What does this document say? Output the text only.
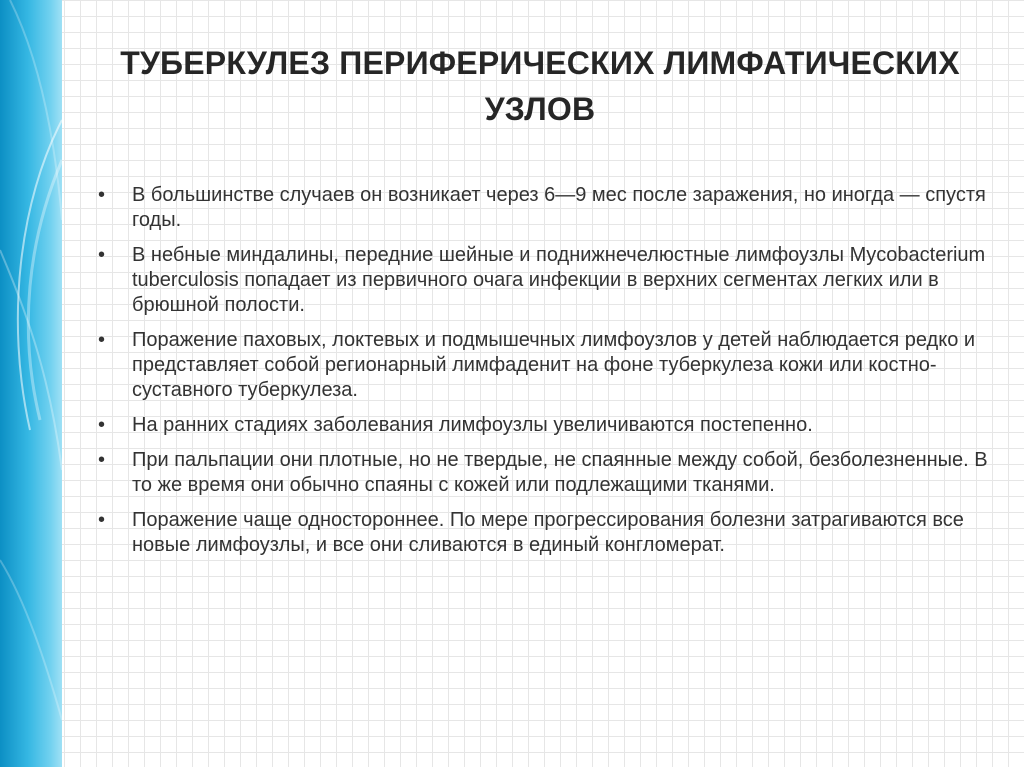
ТУБЕРКУЛЕЗ ПЕРИФЕРИЧЕСКИХ ЛИМФАТИЧЕСКИХ
УЗЛОВ
•	В большинстве случаев он возникает через 6—9 мес после заражения, но иногда — спустя годы.
•	В небные миндалины, передние шейные и поднижнечелюстные лимфоузлы Mycobacterium tuberculosis попадает из первичного очага инфекции в верхних сегментах легких или в брюшной полости.
•	Поражение паховых, локтевых и подмышечных лимфоузлов у детей наблюдается редко и представляет собой регионарный лимфаденит на фоне туберкулеза кожи или костно-суставного туберкулеза.
•	На ранних стадиях заболевания лимфоузлы увеличиваются постепенно.
•	При пальпации они плотные, но не твердые, не спаянные между собой, безболезненные. В то же время они обычно спаяны с кожей или подлежащими тканями.
•	Поражение чаще одностороннее. По мере прогрессирования болезни затрагиваются все новые лимфоузлы, и все они сливаются в единый конгломерат.
